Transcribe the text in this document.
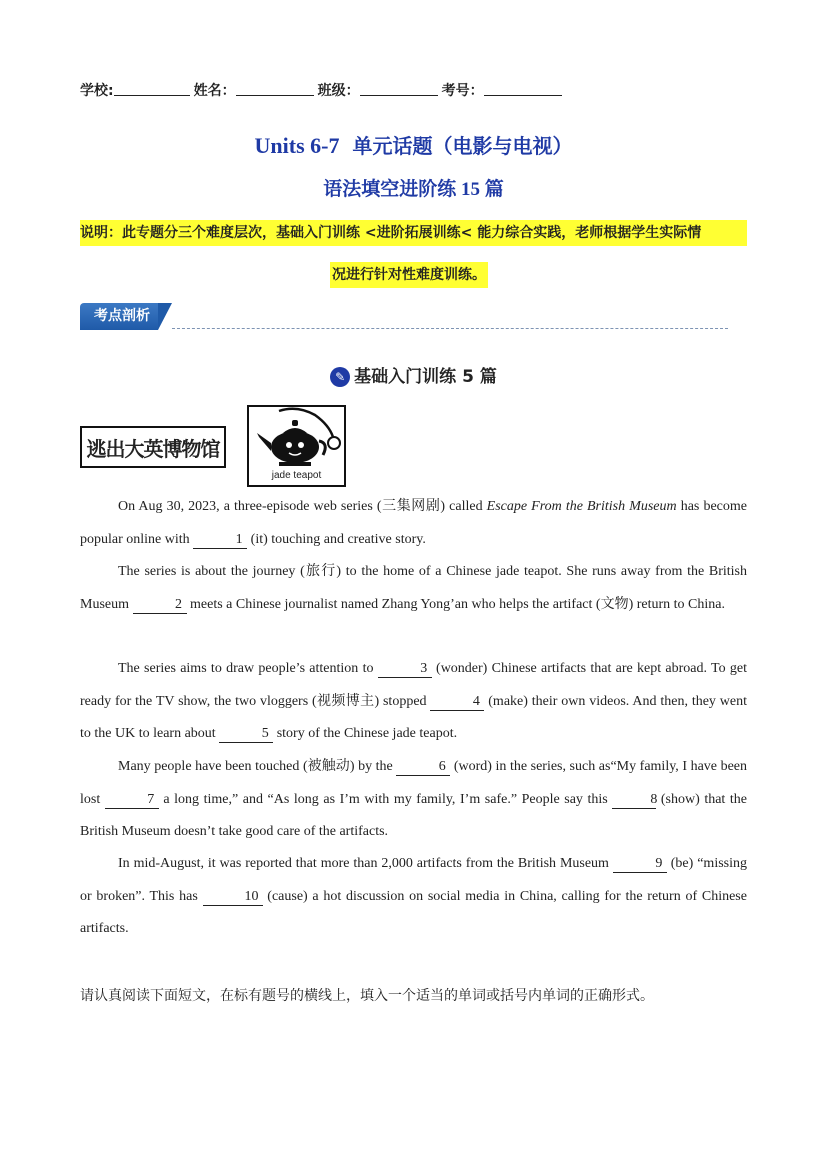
学校:	姓名：	班级：	考号：
Units 6-7 单元话题（电影与电视）
语法填空进阶练 15 篇
说明：此专题分三个难度层次，基础入门训练 <进阶拓展训练< 能力综合实践，老师根据学生实际情
况进行针对性难度训练。
考点剖析
✎ 基础入门训练 5 篇
逃出大英博物馆
jade teapot
On Aug 30, 2023, a three-episode web series (三集网剧) called Escape From the British Museum has become popular online with	1 (it) touching and creative story.
The series is about the journey (旅行) to the home of a Chinese jade teapot. She runs away from the British Museum	2 meets a Chinese journalist named Zhang Yong’an who helps the artifact (文物) return to China.
The series aims to draw people’s attention to	3 (wonder) Chinese artifacts that are kept abroad. To get ready for the TV show, the two vloggers (视频博主) stopped	4 (make) their own videos. And then, they went to the UK to learn about	5 story of the Chinese jade teapot.
Many people have been touched (被触动) by the	6 (word) in the series, such as“My family, I have been lost	7 a long time,” and “As long as I’m with my family, I’m safe.” People say this	8 (show) that the British Museum doesn’t take good care of the artifacts.
In mid-August, it was reported that more than 2,000 artifacts from the British Museum	9 (be) “missing or broken”. This has	10 (cause) a hot discussion on social media in China, calling for the return of Chinese artifacts.
请认真阅读下面短文，在标有题号的横线上，填入一个适当的单词或括号内单词的正确形式。
